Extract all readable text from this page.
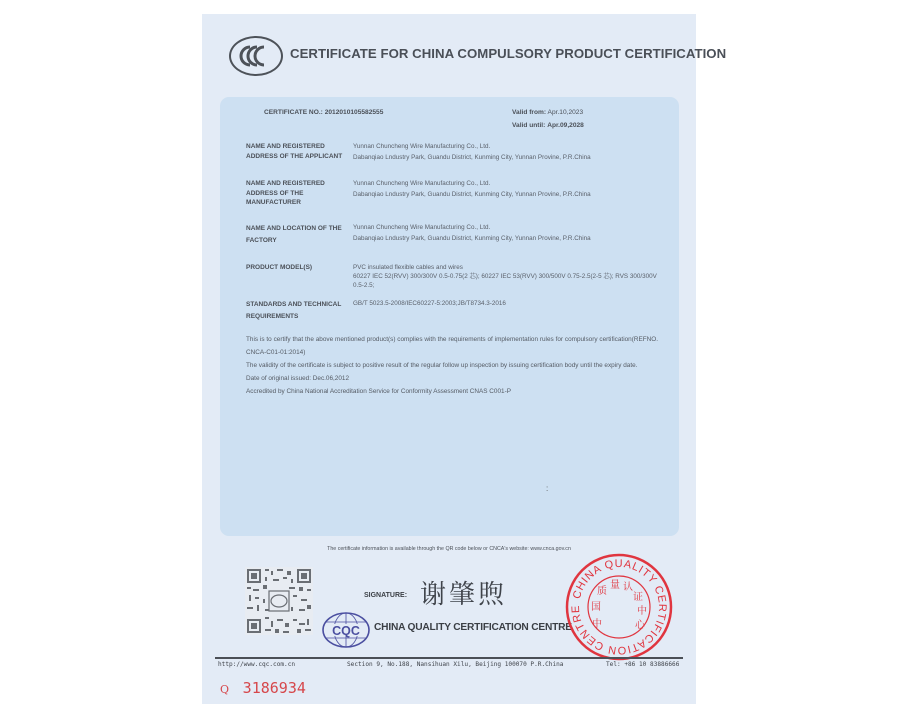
CERTIFICATE FOR CHINA COMPULSORY PRODUCT CERTIFICATION
CERTIFICATE NO.: 2012010105582555	Valid from: Apr.10,2023
Valid until: Apr.09,2028
NAME AND REGISTERED ADDRESS OF THE APPLICANT
Yunnan Chuncheng Wire Manufacturing Co., Ltd.
Dabanqiao Lndustry Park, Guandu District, Kunming City, Yunnan Provine, P.R.China
NAME AND REGISTERED ADDRESS OF THE MANUFACTURER
Yunnan Chuncheng Wire Manufacturing Co., Ltd.
Dabanqiao Lndustry Park, Guandu District, Kunming City, Yunnan Provine, P.R.China
NAME AND LOCATION OF THE FACTORY
Yunnan Chuncheng Wire Manufacturing Co., Ltd.
Dabanqiao Lndustry Park, Guandu District, Kunming City, Yunnan Provine, P.R.China
PRODUCT MODEL(S)	PVC insulated flexible cables and wires
60227 IEC 52(RVV) 300/300V 0.5-0.75(2 芯); 60227 IEC 53(RVV) 300/500V 0.75-2.5(2-5 芯); RVS 300/300V 0.5-2.5;
STANDARDS AND TECHNICAL REQUIREMENTS
GB/T 5023.5-2008/IEC60227-5:2003;JB/T8734.3-2016

This is to certify that the above mentioned product(s) complies with the requirements of implementation rules for compulsory certification(REFNO. CNCA-C01-01:2014)

The validity of the certificate is subject to positive result of the regular follow up inspection by issuing certification body until the expiry date.

Date of original issued: Dec.06,2012

Accredited by China National Accreditation Service for Conformity Assessment CNAS C001-P

:
The certificate information is available through the QR code below or CNCA's website: www.cnca.gov.cn
SIGNATURE: 谢肇煦
CQC CHINA QUALITY CERTIFICATION CENTRE
CHINA QUALITY CERTIFICATION CENTRE
中
国
质
量 认
证
中
心
http://www.cqc.com.cn	Section 9, No.188, Nansihuan Xilu, Beijing 100070 P.R.China	Tel: +86 10 83886666
Q 3186934
